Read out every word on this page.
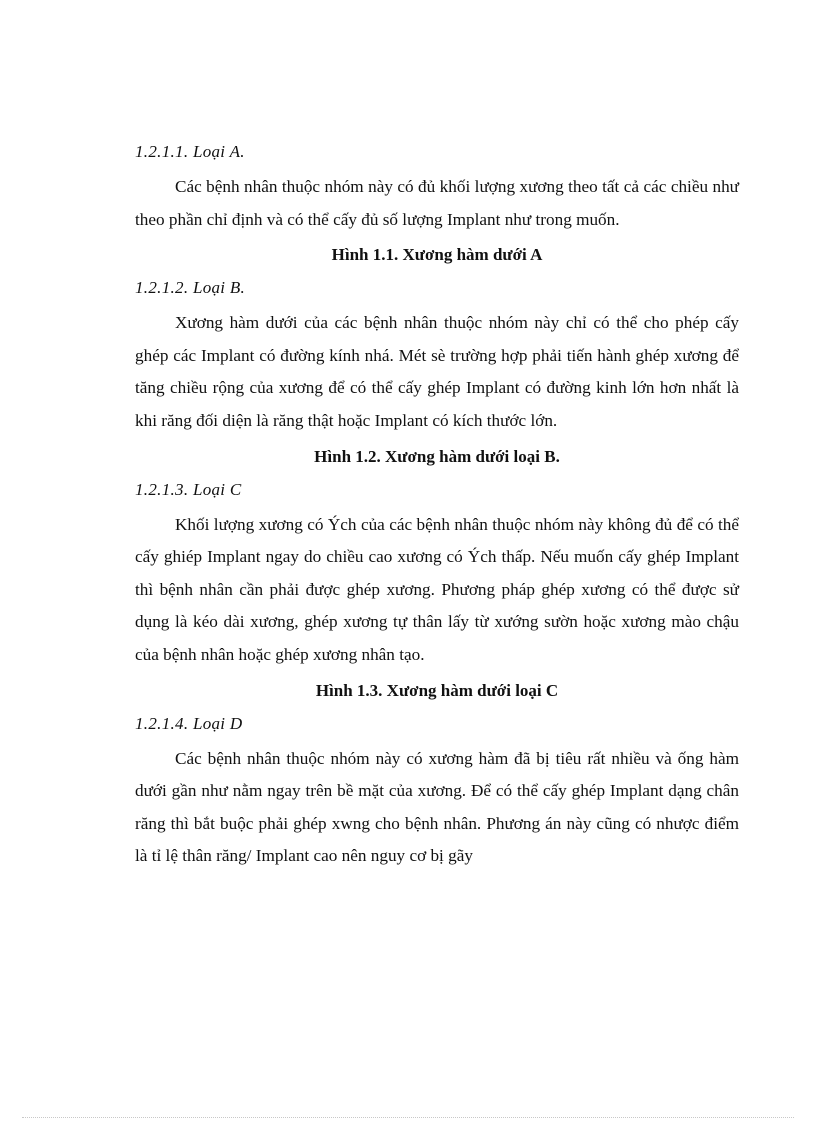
1.2.1.1. Loại A.

Các bệnh nhân thuộc nhóm này có đủ khối lượng xương theo tất cả các chiều như theo phần chỉ định và có thể cấy đủ số lượng Implant như trong muốn.

Hình 1.1. Xương hàm dưới A
1.2.1.2. Loại B.

Xương hàm dưới của các bệnh nhân thuộc nhóm này chỉ có thể cho phép cấy ghép các Implant có đường kính nhá. Mét sè trường hợp phải tiến hành ghép xương để tăng chiều rộng của xương để có thể cấy ghép Implant có đường kinh lớn hơn nhất là khi răng đối diện là răng thật hoặc Implant có kích thước lớn.

Hình 1.2. Xương hàm dưới loại B.
1.2.1.3. Loại C

Khối lượng xương có Ých của các bệnh nhân thuộc nhóm này không đủ để có thể cấy ghiép Implant ngay do chiều cao xương có Ých thấp. Nếu muốn cấy ghép Implant thì bệnh nhân cần phải được ghép xương. Phương pháp ghép xương có thể được sử dụng là kéo dài xương, ghép xương tự thân lấy từ xướng sườn hoặc xương mào chậu của bệnh nhân hoặc ghép xương nhân tạo.

Hình 1.3. Xương hàm dưới loại C
1.2.1.4. Loại D

Các bệnh nhân thuộc nhóm này có xương hàm đã bị tiêu rất nhiều và ống hàm dưới gần như nằm ngay trên bề mặt của xương. Để có thể cấy ghép Implant dạng chân răng thì bắt buộc phải ghép xwng cho bệnh nhân. Phương án này cũng có nhược điểm là tỉ lệ thân răng/ Implant cao nên nguy cơ bị gãy
